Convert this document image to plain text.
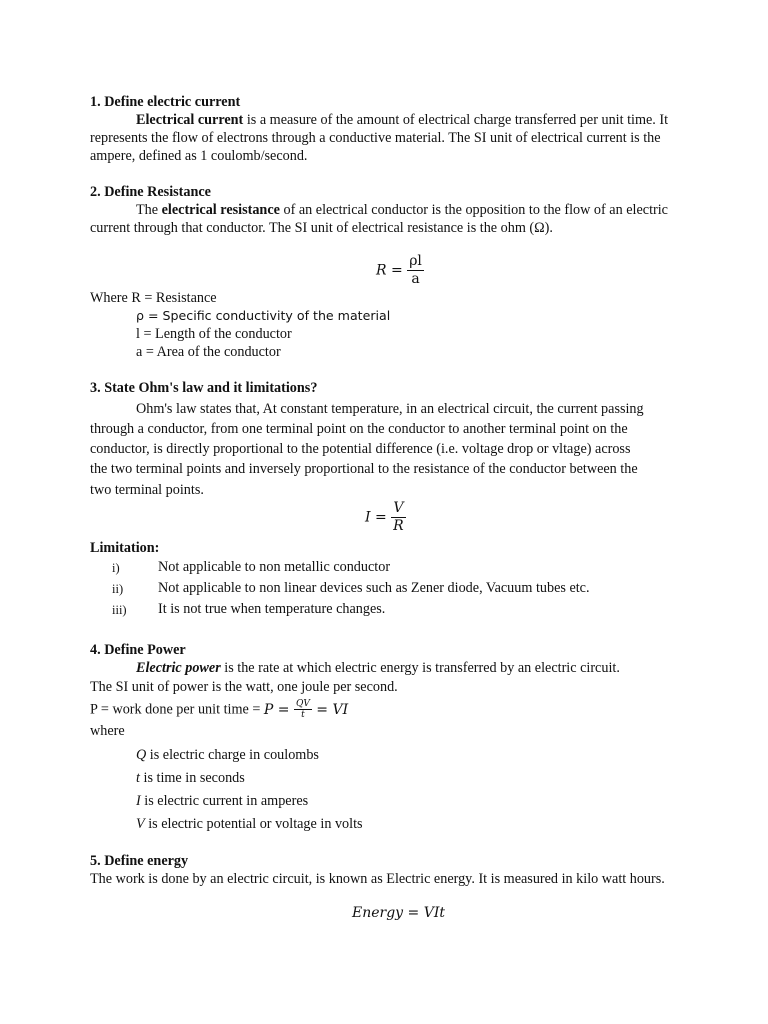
1. Define electric current
Electrical current is a measure of the amount of electrical charge transferred per unit time. It
represents the flow of electrons through a conductive material. The SI unit of electrical current is the
ampere, defined as 1 coulomb/second.
2. Define Resistance
The electrical resistance of an electrical conductor is the opposition to the flow of an electric
current through that conductor. The SI unit of electrical resistance is the ohm (Ω).
$R = \frac{\rho l}{a}$
Where R = Resistance
ρ = Specific conductivity of the material
l = Length of the conductor
a = Area of the conductor
3. State Ohm's law and it limitations?
Ohm's law states that, At constant temperature, in an electrical circuit, the current passing
through a conductor, from one terminal point on the conductor to another terminal point on the
conductor, is directly proportional to the potential difference (i.e. voltage drop or vltage) across
the two terminal points and inversely proportional to the resistance of the conductor between the
two terminal points.
$I = \frac{V}{R}$
Limitation:
i)	Not applicable to non metallic conductor
ii) Not applicable to non linear devices such as Zener diode, Vacuum tubes etc.
iii) It is not true when temperature changes.
4. Define Power
Electric power is the rate at which electric energy is transferred by an electric circuit.
The SI unit of power is the watt, one joule per second.
P = work done per unit time = $P = \frac{QV}{t}$ = VI
where
Q is electric charge in coulombs
t is time in seconds
I is electric current in amperes
V is electric potential or voltage in volts
5. Define energy
The work is done by an electric circuit, is known as Electric energy. It is measured in kilo watt hours.
Energy = VIt
